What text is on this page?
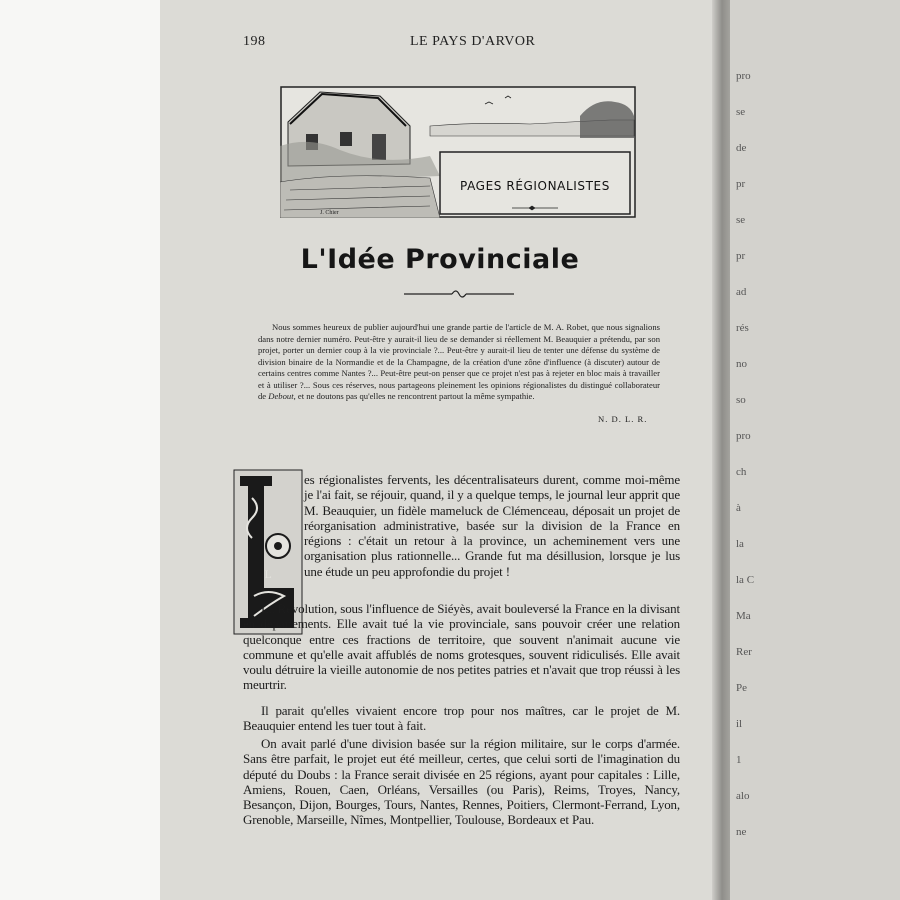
pro
se
de
pr
se
pr
ad
rés
no
so
pro
ch
à
la
la C
Ma
Rer
Pe
il
1
alo
ne
198	LE PAYS D'ARVOR
PAGES RÉGIONALISTES
J. Chier
L'Idée Provinciale

Nous sommes heureux de publier aujourd'hui une grande partie de l'article de M. A. Robet, que nous signalions dans notre dernier numéro. Peut-être y aurait-il lieu de se demander si réellement M. Beauquier a prétendu, par son projet, porter un dernier coup à la vie provinciale ?... Peut-être y aurait-il lieu de tenter une défense du système de division binaire de la Normandie et de la Champagne, de la création d'une zône d'influence (à discuter) autour de certains centres comme Nantes ?... Peut-être peut-on penser que ce projet n'est pas à rejeter en bloc mais à travailler et à utiliser ?... Sous ces réserves, nous partageons pleinement les opinions régionalistes du distingué collaborateur de Debout, et ne doutons pas qu'elles ne rencontrent partout la même sympathie.

N. D. L. R.
L

es régionalistes fervents, les décentralisateurs durent, comme moi-même je l'ai fait, se réjouir, quand, il y a quelque temps, le journal leur apprit que M. Beauquier, un fidèle mameluck de Clémenceau, déposait un projet de réorganisation administrative, basée sur la division de la France en régions : c'était un retour à la province, un acheminement vers une organisation plus rationnelle... Grande fut ma désillusion, lorsque je lus une étude un peu approfondie du projet !

La Révolution, sous l'influence de Siéyès, avait bouleversé la France en la divisant en départements. Elle avait tué la vie provinciale, sans pouvoir créer une relation quelconque entre ces fractions de territoire, que souvent n'animait aucune vie commune et qu'elle avait affublés de noms grotesques, souvent ridiculisés. Elle avait voulu détruire la vieille autonomie de nos petites patries et n'avait que trop réussi à les meurtrir.

Il parait qu'elles vivaient encore trop pour nos maîtres, car le projet de M. Beauquier entend les tuer tout à fait.

On avait parlé d'une division basée sur la région militaire, sur le corps d'armée. Sans être parfait, le projet eut été meilleur, certes, que celui sorti de l'imagination du député du Doubs : la France serait divisée en 25 régions, ayant pour capitales : Lille, Amiens, Rouen, Caen, Orléans, Versailles (ou Paris), Reims, Troyes, Nancy, Besançon, Dijon, Bourges, Tours, Nantes, Rennes, Poitiers, Clermont-Ferrand, Lyon, Grenoble, Marseille, Nîmes, Montpellier, Toulouse, Bordeaux et Pau.
